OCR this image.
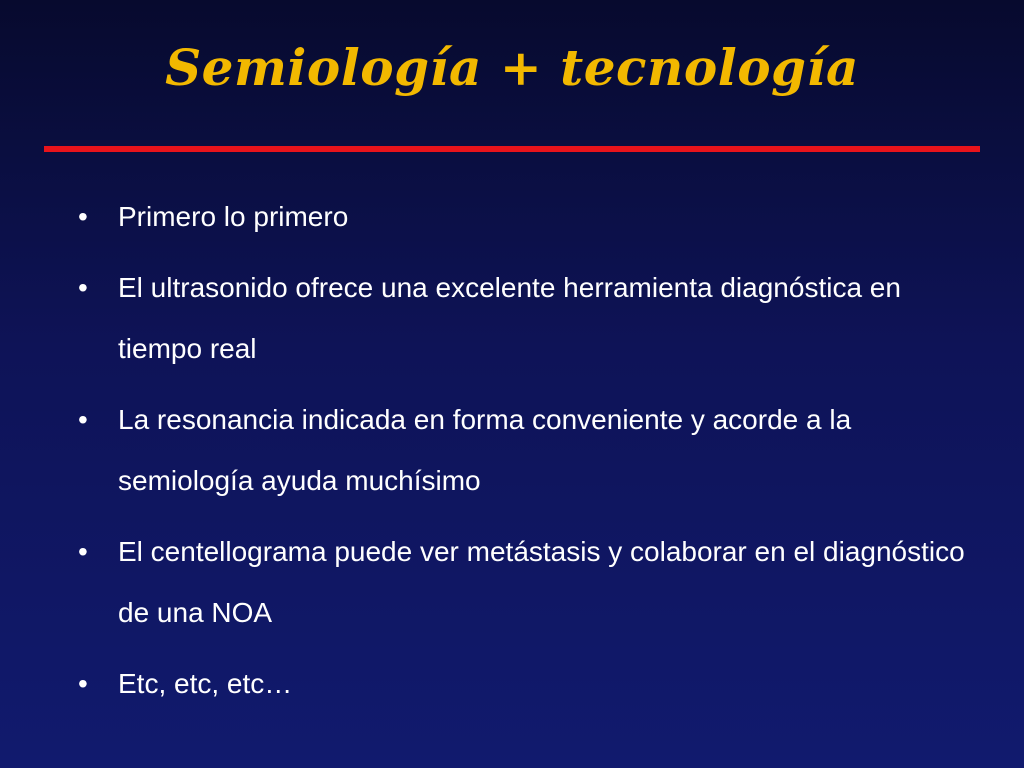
Semiología + tecnología
•	Primero lo primero
•	El ultrasonido ofrece una excelente herramienta diagnóstica en tiempo real
•	La resonancia indicada en forma conveniente y acorde a la semiología ayuda muchísimo
•	El centellograma puede ver metástasis y colaborar en el diagnóstico de una NOA
•	Etc, etc, etc…
